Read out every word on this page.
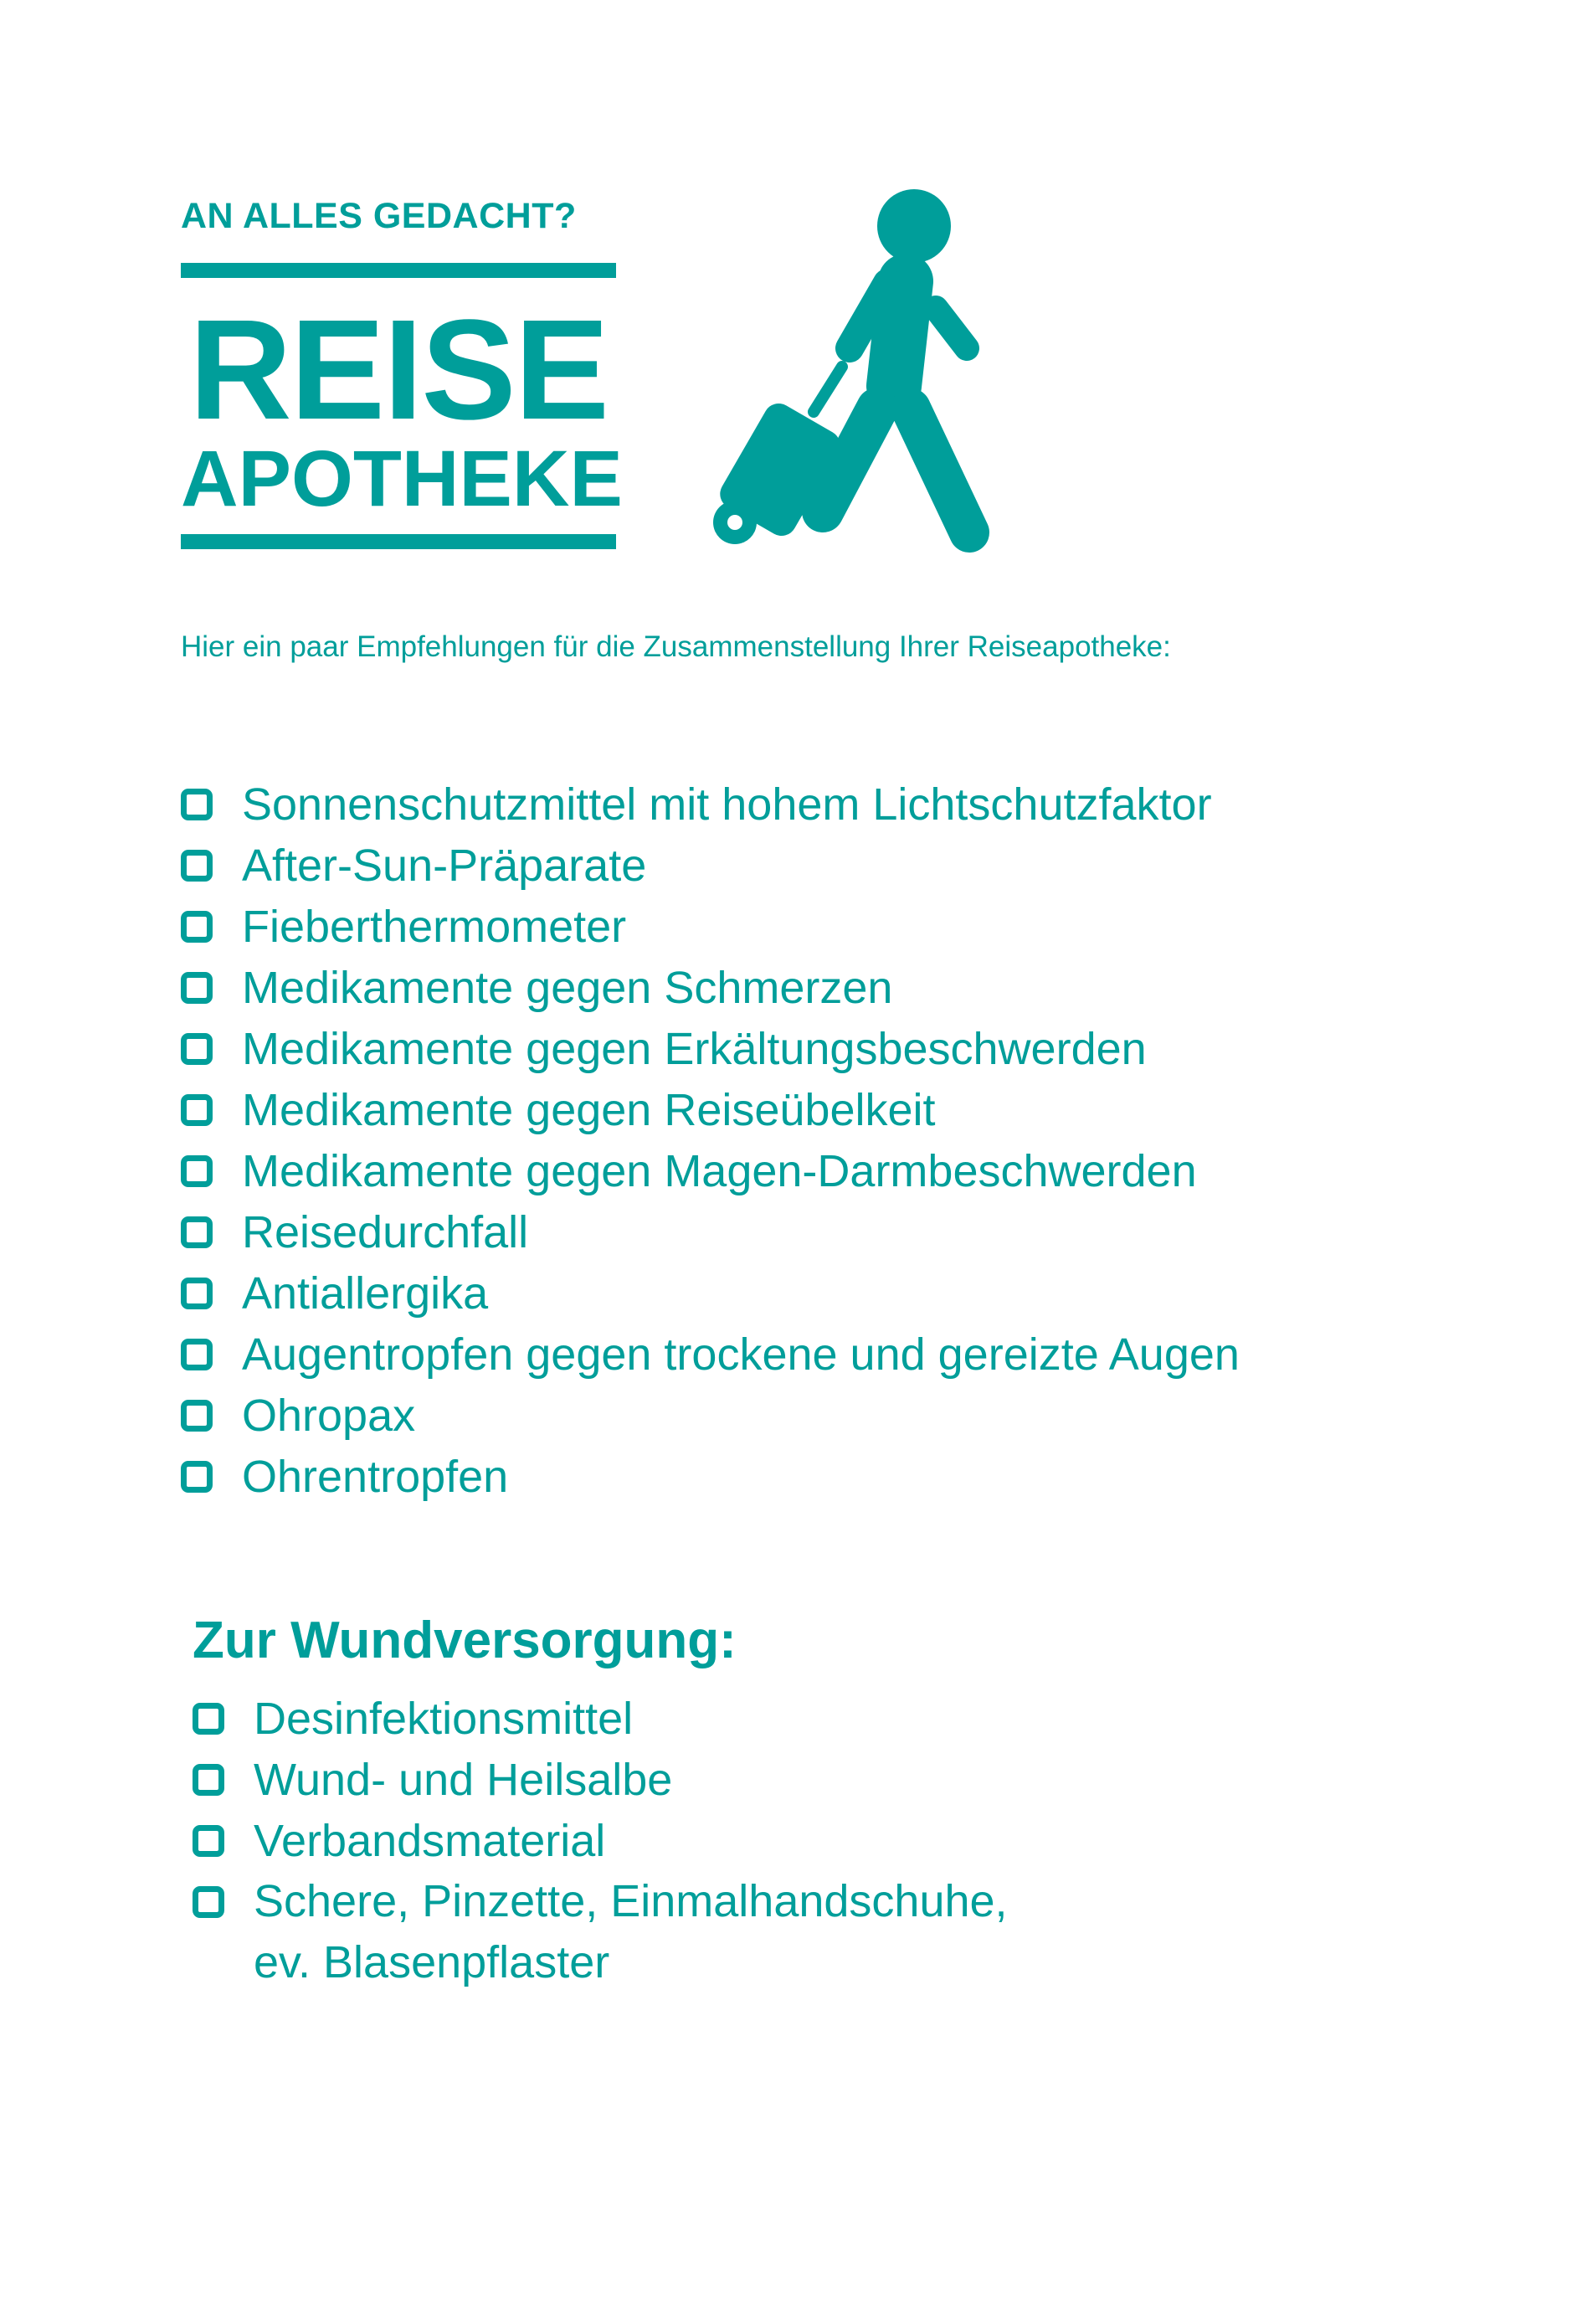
AN ALLES GEDACHT?

REISE
APOTHEKE

Hier ein paar Empfehlungen für die Zusammenstellung Ihrer Reiseapotheke:

Sonnenschutzmittel mit hohem Lichtschutzfaktor
After-Sun-Präparate
Fieberthermometer
Medikamente gegen Schmerzen
Medikamente gegen Erkältungsbeschwerden
Medikamente gegen Reiseübelkeit
Medikamente gegen Magen-Darmbeschwerden
Reisedurchfall
Antiallergika
Augentropfen gegen trockene und gereizte Augen
Ohropax
Ohrentropfen
Zur Wundversorgung:
Desinfektionsmittel
Wund- und Heilsalbe
Verbandsmaterial
Schere, Pinzette, Einmalhandschuhe,
ev. Blasenpflaster
